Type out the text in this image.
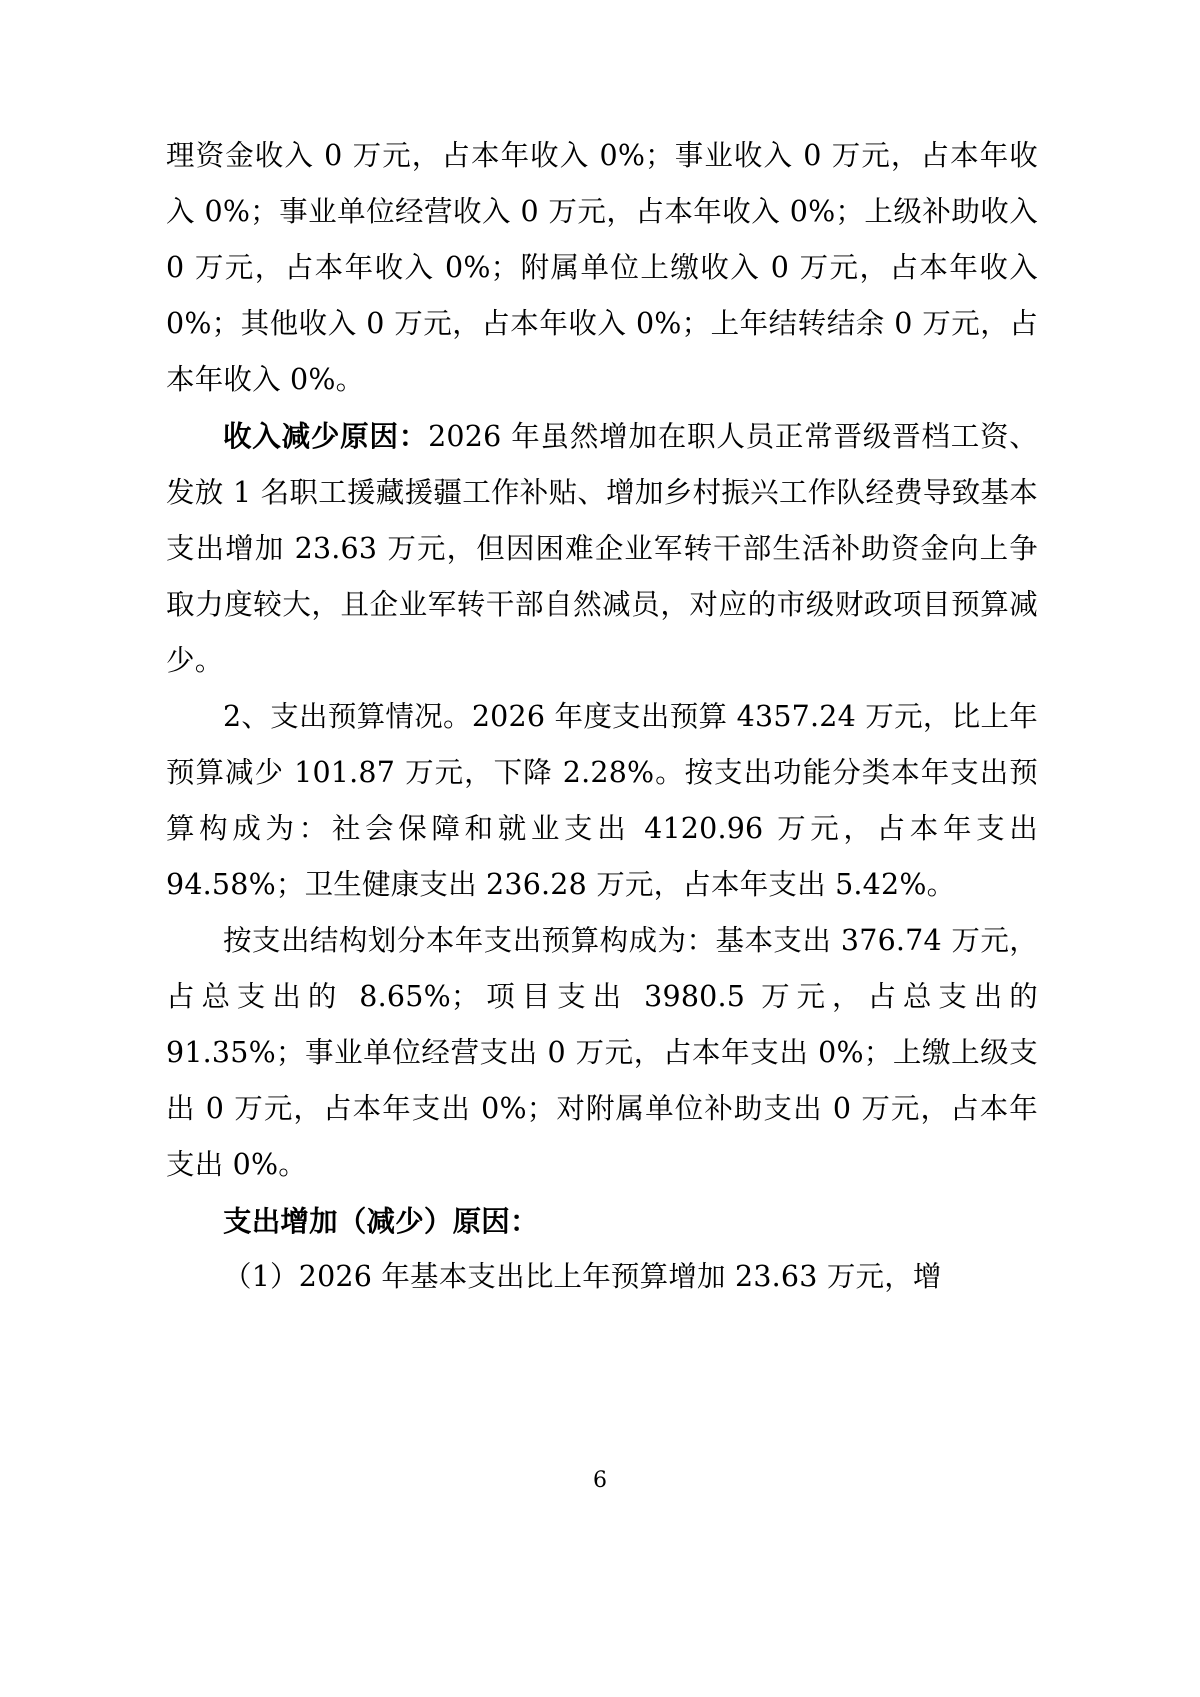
理资金收入 0 万元，占本年收入 0%；事业收入 0 万元，占本年收入 0%；事业单位经营收入 0 万元，占本年收入 0%；上级补助收入 0 万元，占本年收入 0%；附属单位上缴收入 0 万元，占本年收入 0%；其他收入 0 万元，占本年收入 0%；上年结转结余 0 万元，占本年收入 0%。

收入减少原因：2026 年虽然增加在职人员正常晋级晋档工资、发放 1 名职工援藏援疆工作补贴、增加乡村振兴工作队经费导致基本支出增加 23.63 万元，但因困难企业军转干部生活补助资金向上争取力度较大，且企业军转干部自然减员，对应的市级财政项目预算减少。

2、支出预算情况。2026 年度支出预算 4357.24 万元，比上年预算减少 101.87 万元，下降 2.28%。按支出功能分类本年支出预算构成为：社会保障和就业支出 4120.96 万元，占本年支出 94.58%；卫生健康支出 236.28 万元，占本年支出 5.42%。

按支出结构划分本年支出预算构成为：基本支出 376.74 万元，占总支出的 8.65%；项目支出 3980.5 万元，占总支出的 91.35%；事业单位经营支出 0 万元，占本年支出 0%；上缴上级支出 0 万元，占本年支出 0%；对附属单位补助支出 0 万元，占本年支出 0%。

支出增加（减少）原因：

（1）2026 年基本支出比上年预算增加 23.63 万元，增

6
